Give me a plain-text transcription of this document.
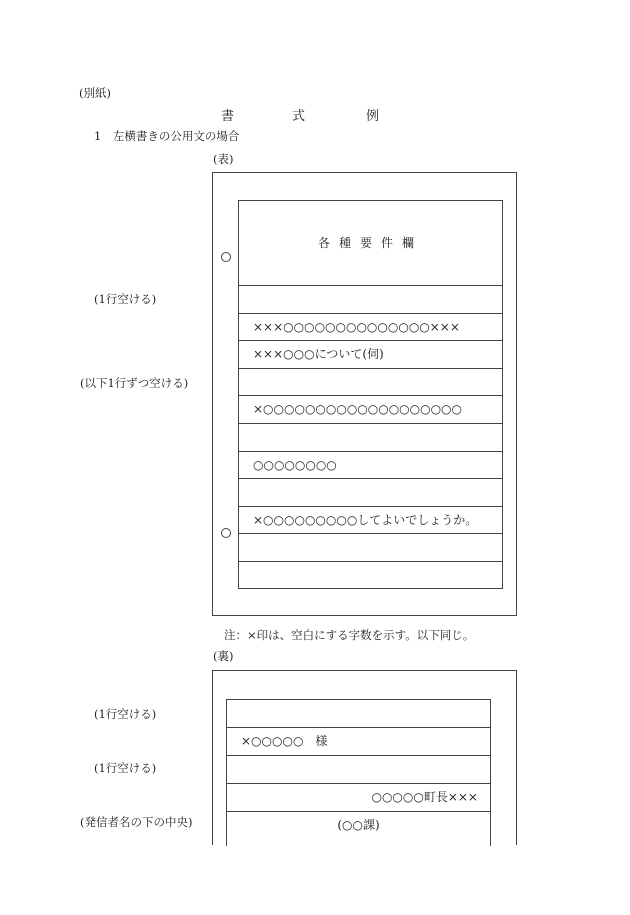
(別紙)
書	式	例
1　左横書きの公用文の場合
(表)
(1行空ける)
(以下1行ずつ空ける)
各種要件欄
×××○○○○○○○○○○○○○○×××
×××○○○について(伺)
×○○○○○○○○○○○○○○○○○○○
○○○○○○○○
×○○○○○○○○○してよいでしょうか。
注：×印は、空白にする字数を示す。以下同じ。
(裏)
(1行空ける)
(1行空ける)
(発信者名の下の中央)
×○○○○○　様
○○○○○町長×××
(○○課)
